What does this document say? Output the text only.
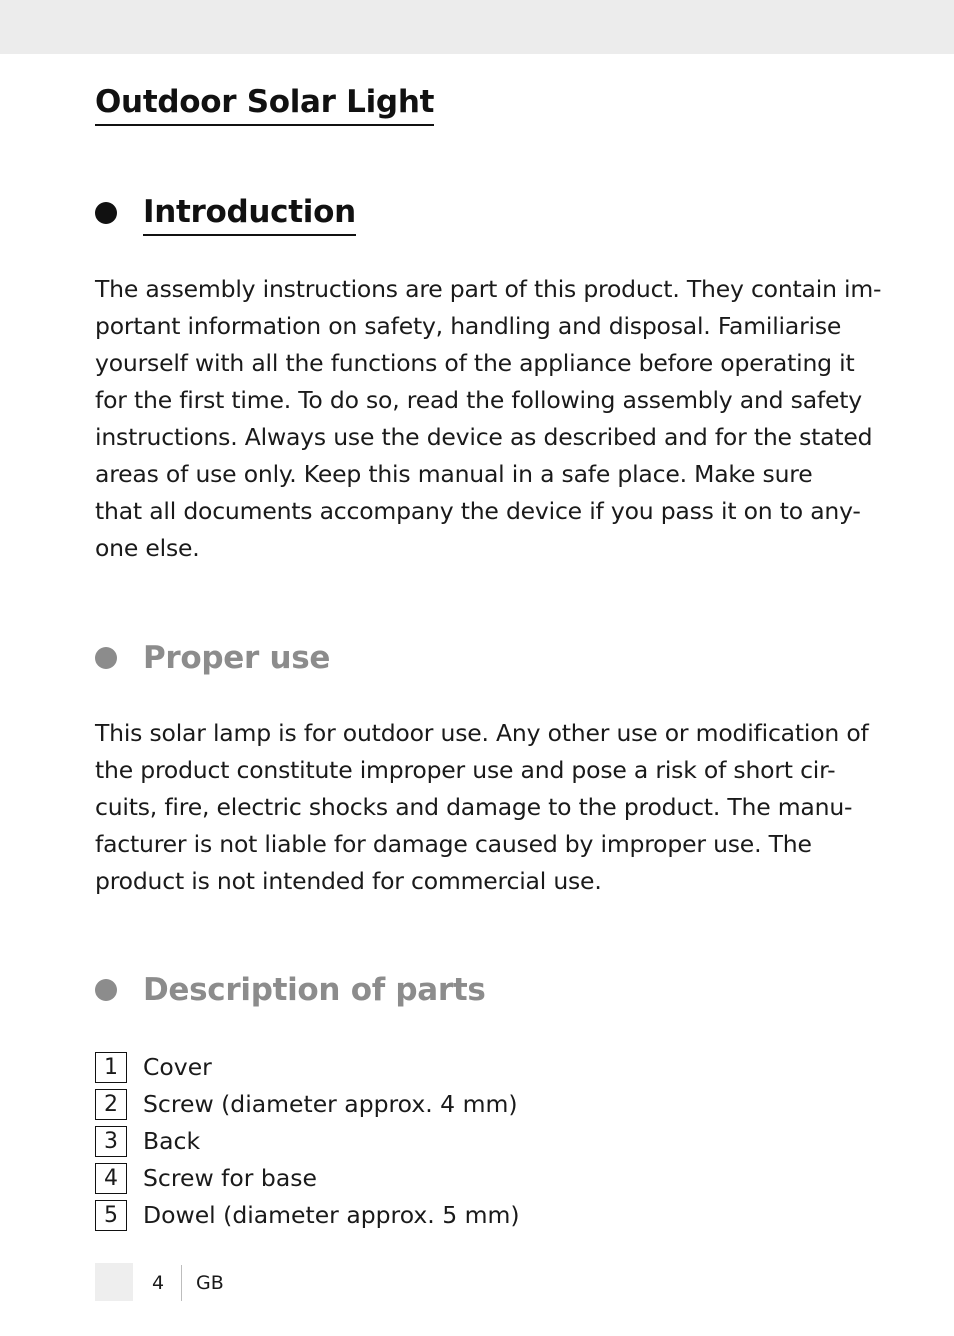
Outdoor Solar Light
Introduction

The assembly instructions are part of this product. They contain im-
portant information on safety, handling and disposal. Familiarise
yourself with all the functions of the appliance before operating it
for the first time. To do so, read the following assembly and safety
instructions. Always use the device as described and for the stated
areas of use only. Keep this manual in a safe place. Make sure
that all documents accompany the device if you pass it on to any-
one else.

Proper use

This solar lamp is for outdoor use. Any other use or modification of
the product constitute improper use and pose a risk of short cir-
cuits, fire, electric shocks and damage to the product. The manu-
facturer is not liable for damage caused by improper use. The
product is not intended for commercial use.

Description of parts
1	Cover
2	Screw (diameter approx. 4 mm)
3	Back
4	Screw for base
5	Dowel (diameter approx. 5 mm)
4 GB
